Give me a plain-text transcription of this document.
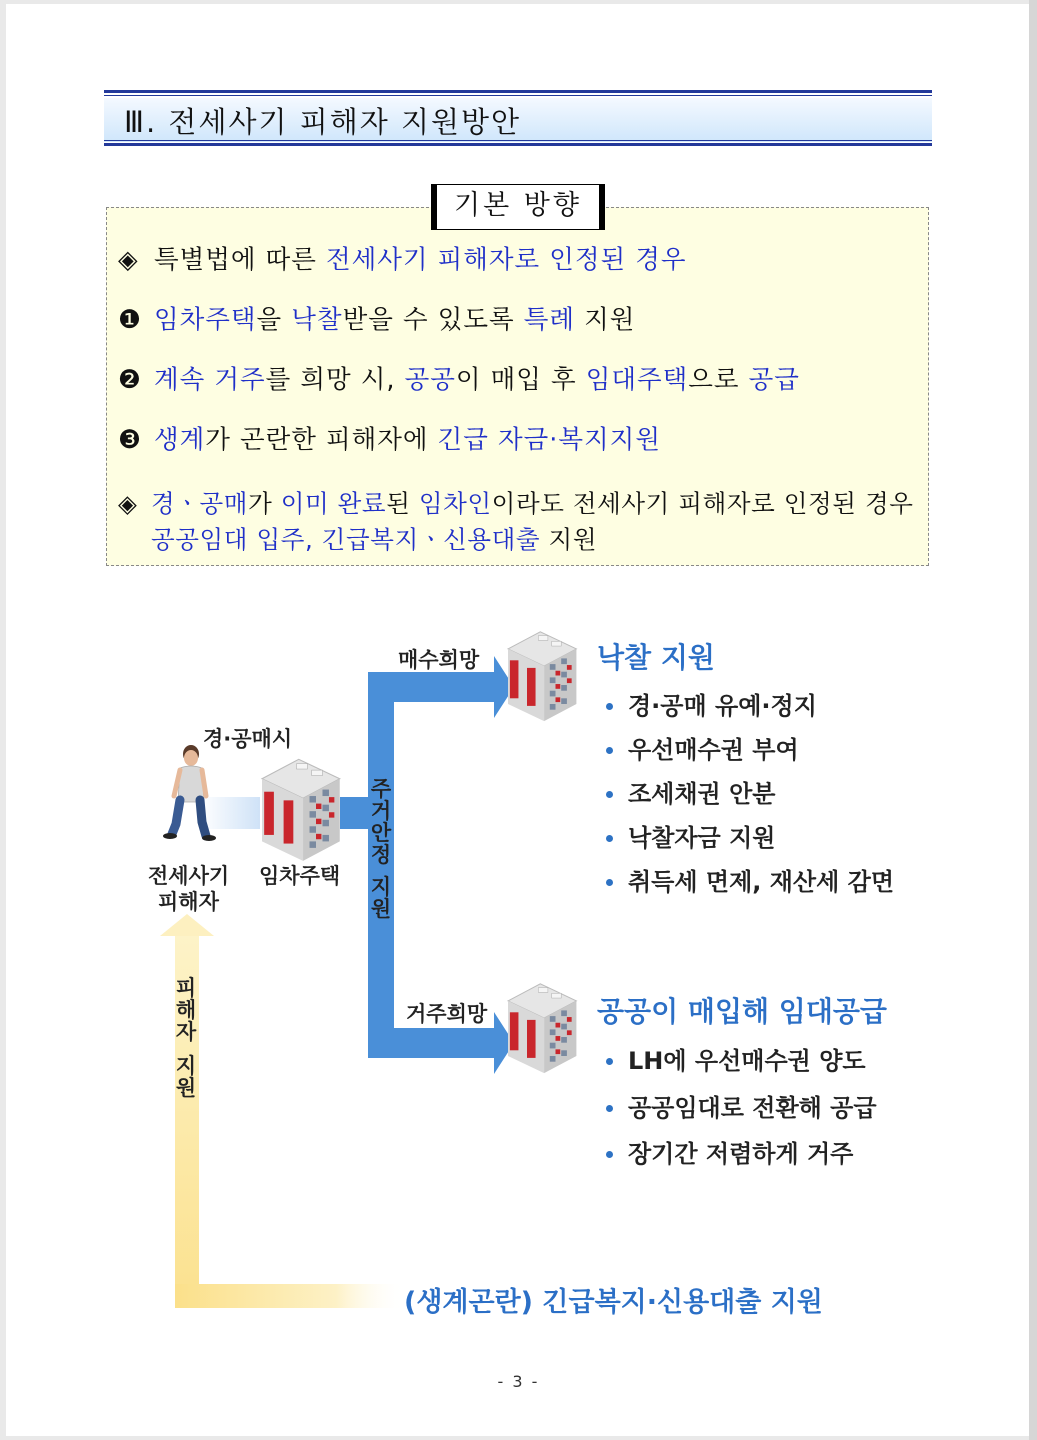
Ⅲ. 전세사기 피해자 지원방안
기본 방향
◈ 특별법에 따른 전세사기 피해자로 인정된 경우
❶ 임차주택을 낙찰받을 수 있도록 특례 지원
❷ 계속 거주를 희망 시, 공공이 매입 후 임대주택으로 공급
❸ 생계가 곤란한 피해자에 긴급 자금·복지지원
◈ 경ㆍ공매가 이미 완료된 임차인이라도 전세사기 피해자로 인정된 경우
공공임대 입주, 긴급복지ㆍ신용대출 지원
경·공매시
전세사기
피해자
임차주택
주
거
안
정
지
원
피
해
자
지
원
매수희망
거주희망
낙찰 지원
경·공매 유예·정지
우선매수권 부여
조세채권 안분
낙찰자금 지원
취득세 면제, 재산세 감면
공공이 매입해 임대공급
LH에 우선매수권 양도
공공임대로 전환해 공급
장기간 저렴하게 거주
(생계곤란) 긴급복지·신용대출 지원
- 3 -
